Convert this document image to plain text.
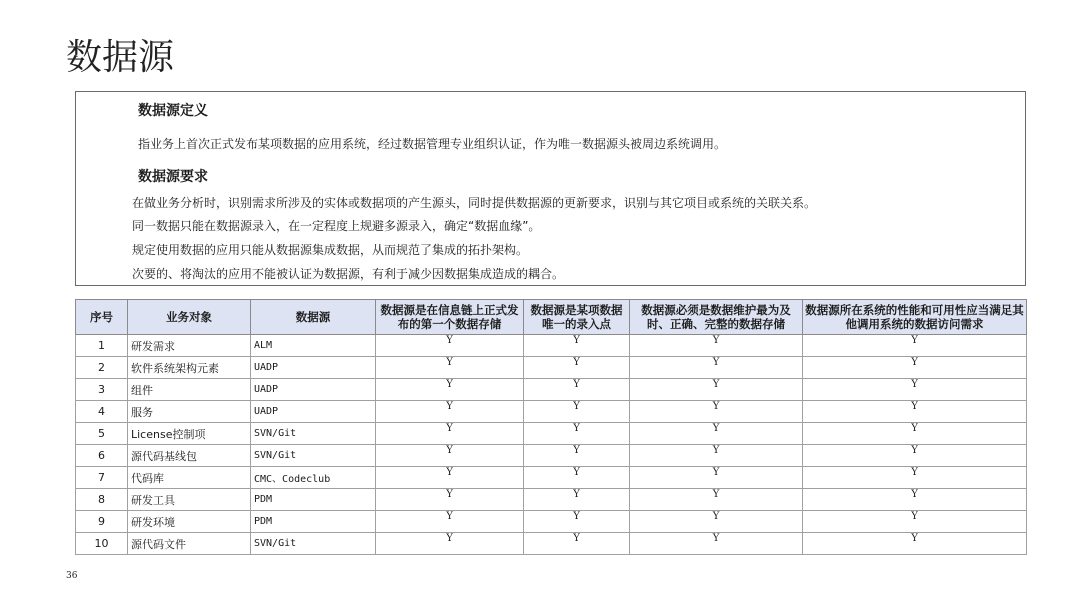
数据源
数据源定义
指业务上首次正式发布某项数据的应用系统，经过数据管理专业组织认证，作为唯一数据源头被周边系统调用。
数据源要求
在做业务分析时，识别需求所涉及的实体或数据项的产生源头，同时提供数据源的更新要求，识别与其它项目或系统的关联关系。
同一数据只能在数据源录入，在一定程度上规避多源录入，确定“数据血缘”。
规定使用数据的应用只能从数据源集成数据，从而规范了集成的拓扑架构。
次要的、将淘汰的应用不能被认证为数据源，有利于减少因数据集成造成的耦合。
序号	业务对象	数据源	数据源是在信息链上正式发布的第一个数据存储	数据源是某项数据唯一的录入点	数据源必须是数据维护最为及时、正确、完整的数据存储	数据源所在系统的性能和可用性应当满足其他调用系统的数据访问需求
1	研发需求	ALM	Y	Y	Y	Y
2	软件系统架构元素	UADP	Y	Y	Y	Y
3	组件	UADP	Y	Y	Y	Y
4	服务	UADP	Y	Y	Y	Y
5	License控制项	SVN/Git	Y	Y	Y	Y
6	源代码基线包	SVN/Git	Y	Y	Y	Y
7	代码库	CMC、Codeclub	Y	Y	Y	Y
8	研发工具	PDM	Y	Y	Y	Y
9	研发环境	PDM	Y	Y	Y	Y
10	源代码文件	SVN/Git	Y	Y	Y	Y
36
